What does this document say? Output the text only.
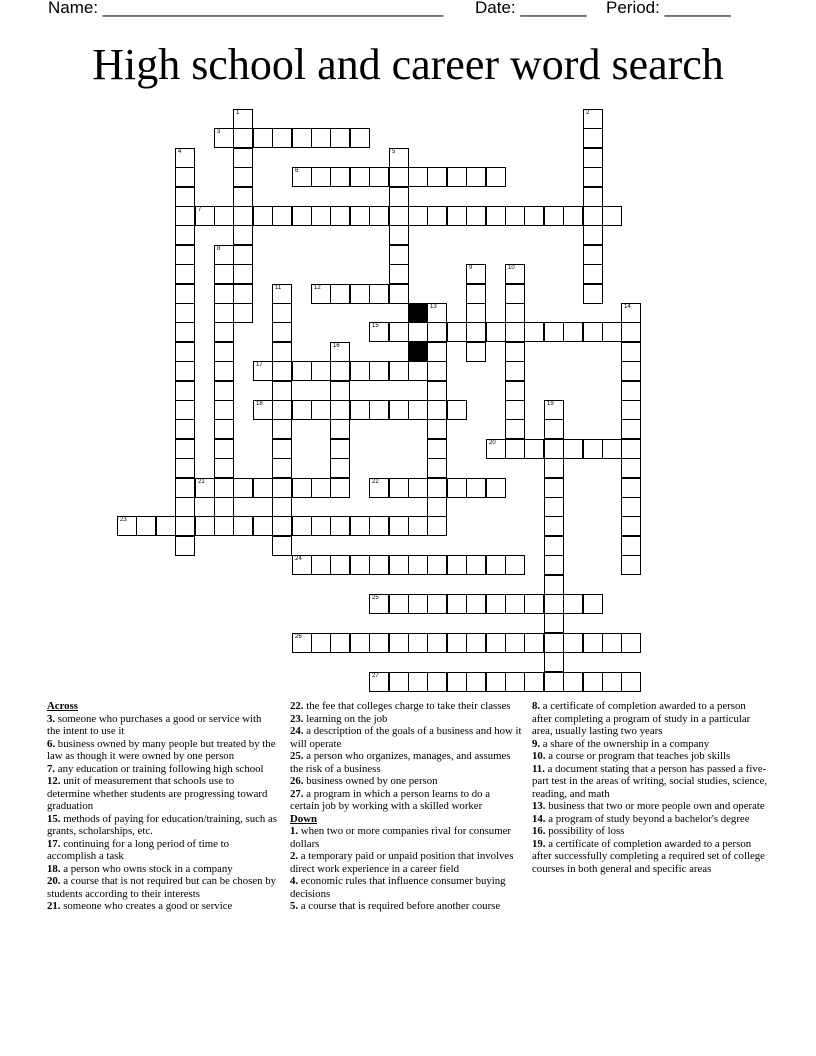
Name: ____________________________________ Date: _______ Period: _______
High school and career word search
1	2
3
4	5
6
7
8
9	10
11	12
13	14
15
16
17
18	19
20
21	22
23
24
25
26
27
Across
3. someone who purchases a good or service with the intent to use it
6. business owned by many people but treated by the law as though it were owned by one person
7. any education or training following high school
12. unit of measurement that schools use to determine whether students are progressing toward graduation
15. methods of paying for education/training, such as grants, scholarships, etc.
17. continuing for a long period of time to accomplish a task
18. a person who owns stock in a company
20. a course that is not required but can be chosen by students according to their interests
21. someone who creates a good or service
22. the fee that colleges charge to take their classes
23. learning on the job
24. a description of the goals of a business and how it will operate
25. a person who organizes, manages, and assumes the risk of a business
26. business owned by one person
27. a program in which a person learns to do a certain job by working with a skilled worker
Down
1. when two or more companies rival for consumer dollars
2. a temporary paid or unpaid position that involves direct work experience in a career field
4. economic rules that influence consumer buying decisions
5. a course that is required before another course
8. a certificate of completion awarded to a person after completing a program of study in a particular area, usually lasting two years
9. a share of the ownership in a company
10. a course or program that teaches job skills
11. a document stating that a person has passed a five-part test in the areas of writing, social studies, science, reading, and math
13. business that two or more people own and operate
14. a program of study beyond a bachelor's degree
16. possibility of loss
19. a certificate of completion awarded to a person after successfully completing a required set of college courses in both general and specific areas
